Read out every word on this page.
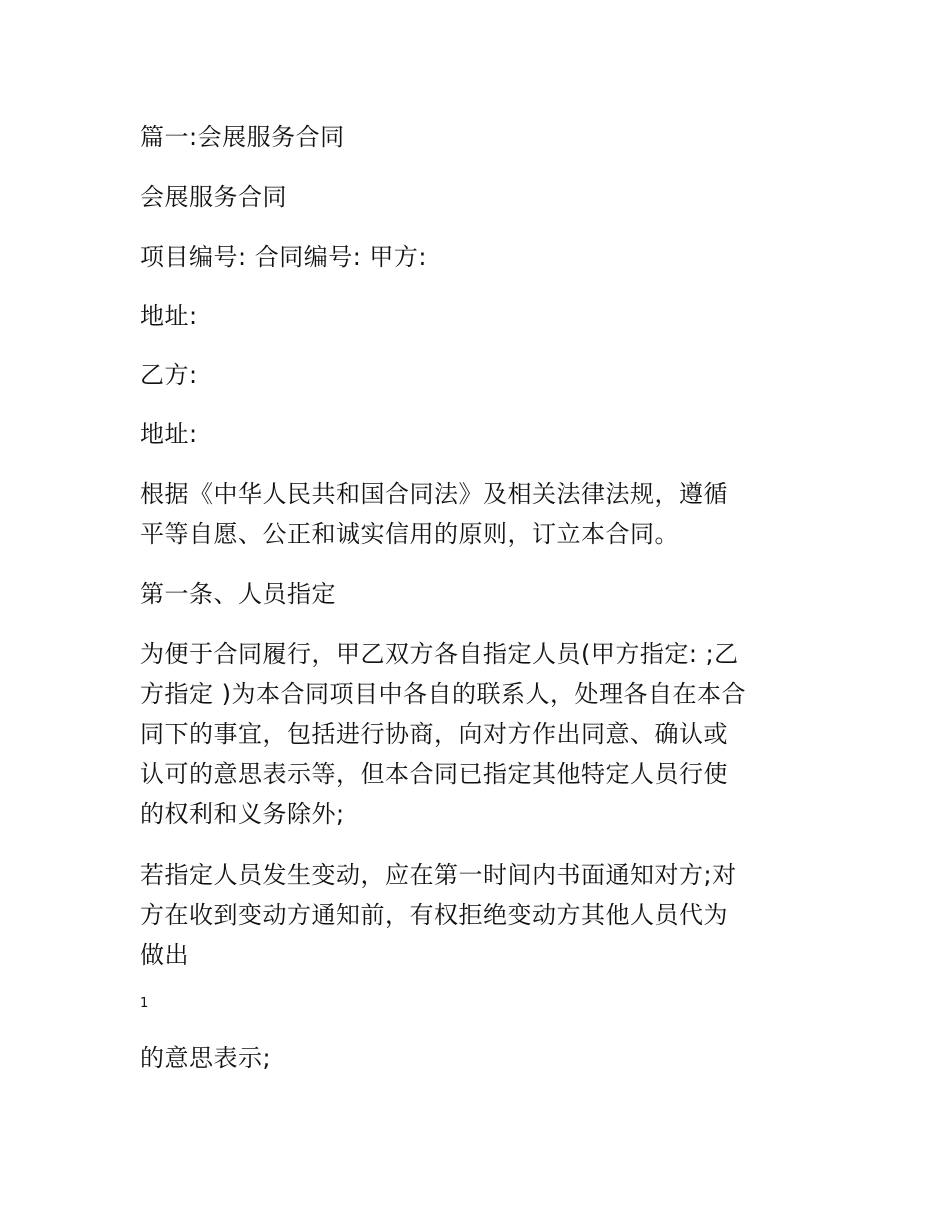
篇一:会展服务合同
会展服务合同
项目编号: 合同编号: 甲方:
地址:
乙方:
地址:
根据《中华人民共和国合同法》及相关法律法规，遵循
平等自愿、公正和诚实信用的原则，订立本合同。
第一条、人员指定
为便于合同履行，甲乙双方各自指定人员(甲方指定: ;乙
方指定 )为本合同项目中各自的联系人，处理各自在本合
同下的事宜，包括进行协商，向对方作出同意、确认或
认可的意思表示等，但本合同已指定其他特定人员行使
的权利和义务除外;
若指定人员发生变动，应在第一时间内书面通知对方;对
方在收到变动方通知前，有权拒绝变动方其他人员代为
做出
1
的意思表示;
